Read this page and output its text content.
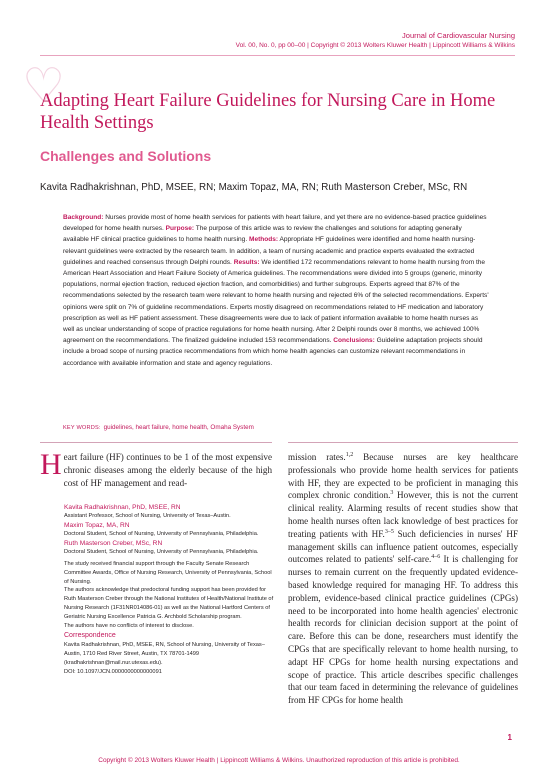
Journal of Cardiovascular Nursing
Vol. 00, No. 0, pp 00–00 | Copyright © 2013 Wolters Kluwer Health | Lippincott Williams & Wilkins
♡
Adapting Heart Failure Guidelines for Nursing Care in Home Health Settings
Challenges and Solutions
Kavita Radhakrishnan, PhD, MSEE, RN; Maxim Topaz, MA, RN; Ruth Masterson Creber, MSc, RN
Background: Nurses provide most of home health services for patients with heart failure, and yet there are no evidence-based practice guidelines developed for home health nurses. Purpose: The purpose of this article was to review the challenges and solutions for adapting generally available HF clinical practice guidelines to home health nursing. Methods: Appropriate HF guidelines were identified and home health nursing-relevant guidelines were extracted by the research team. In addition, a team of nursing academic and practice experts evaluated the extracted guidelines and reached consensus through Delphi rounds. Results: We identified 172 recommendations relevant to home health nursing from the American Heart Association and Heart Failure Society of America guidelines. The recommendations were divided into 5 groups (generic, minority populations, normal ejection fraction, reduced ejection fraction, and comorbidities) and further subgroups. Experts agreed that 87% of the recommendations selected by the research team were relevant to home health nursing and rejected 6% of the selected recommendations. Experts' opinions were split on 7% of guideline recommendations. Experts mostly disagreed on recommendations related to HF medication and laboratory prescription as well as HF patient assessment. These disagreements were due to lack of patient information available to home health nurses as well as unclear understanding of scope of practice regulations for home health nursing. After 2 Delphi rounds over 8 months, we achieved 100% agreement on the recommendations. The finalized guideline included 153 recommendations. Conclusions: Guideline adaptation projects should include a broad scope of nursing practice recommendations from which home health agencies can customize relevant recommendations in accordance with available information and state and agency regulations.
KEY WORDS: guidelines, heart failure, home health, Omaha System
Heart failure (HF) continues to be 1 of the most expensive chronic diseases among the elderly because of the high cost of HF management and read-
Kavita Radhakrishnan, PhD, MSEE, RN
Assistant Professor, School of Nursing, University of Texas–Austin.
Maxim Topaz, MA, RN
Doctoral Student, School of Nursing, University of Pennsylvania, Philadelphia.
Ruth Masterson Creber, MSc, RN
Doctoral Student, School of Nursing, University of Pennsylvania, Philadelphia.
The study received financial support through the Faculty Senate Research Committee Awards, Office of Nursing Research, University of Pennsylvania, School of Nursing.
The authors acknowledge that predoctoral funding support has been provided for Ruth Masterson Creber through the National Institutes of Health/National Institute of Nursing Research (1F31NR014086-01) as well as the National Hartford Centers of Geriatric Nursing Excellence Patricia G. Archbold Scholarship program.
The authors have no conflicts of interest to disclose.
Correspondence
Kavita Radhakrishnan, PhD, MSEE, RN, School of Nursing, University of Texas–Austin, 1710 Red River Street, Austin, TX 78701-1499 (kradhakrishnan@mail.nur.utexas.edu).
DOI: 10.1097/JCN.0000000000000091
mission rates.$^{1,2}$ Because nurses are key healthcare professionals who provide home health services for patients with HF, they are expected to be proficient in managing this complex chronic condition.$^3$ However, this is not the current clinical reality. Alarming results of recent studies show that home health nurses often lack knowledge of best practices for treating patients with HF.$^{3-5}$ Such deficiencies in nurses' HF management skills can influence patient outcomes, especially outcomes related to patients' self-care.$^{4-6}$ It is challenging for nurses to remain current on the frequently updated evidence-based knowledge required for managing HF. To address this problem, evidence-based clinical practice guidelines (CPGs) need to be incorporated into home health agencies' electronic health records for clinician decision support at the point of care. Before this can be done, researchers must identify the CPGs that are specifically relevant to home health nursing, to adapt HF CPGs for home health nursing expectations and scope of practice. This article describes specific challenges that our team faced in determining the relevance of guidelines from HF CPGs for home health
1
Copyright © 2013 Wolters Kluwer Health | Lippincott Williams & Wilkins. Unauthorized reproduction of this article is prohibited.
